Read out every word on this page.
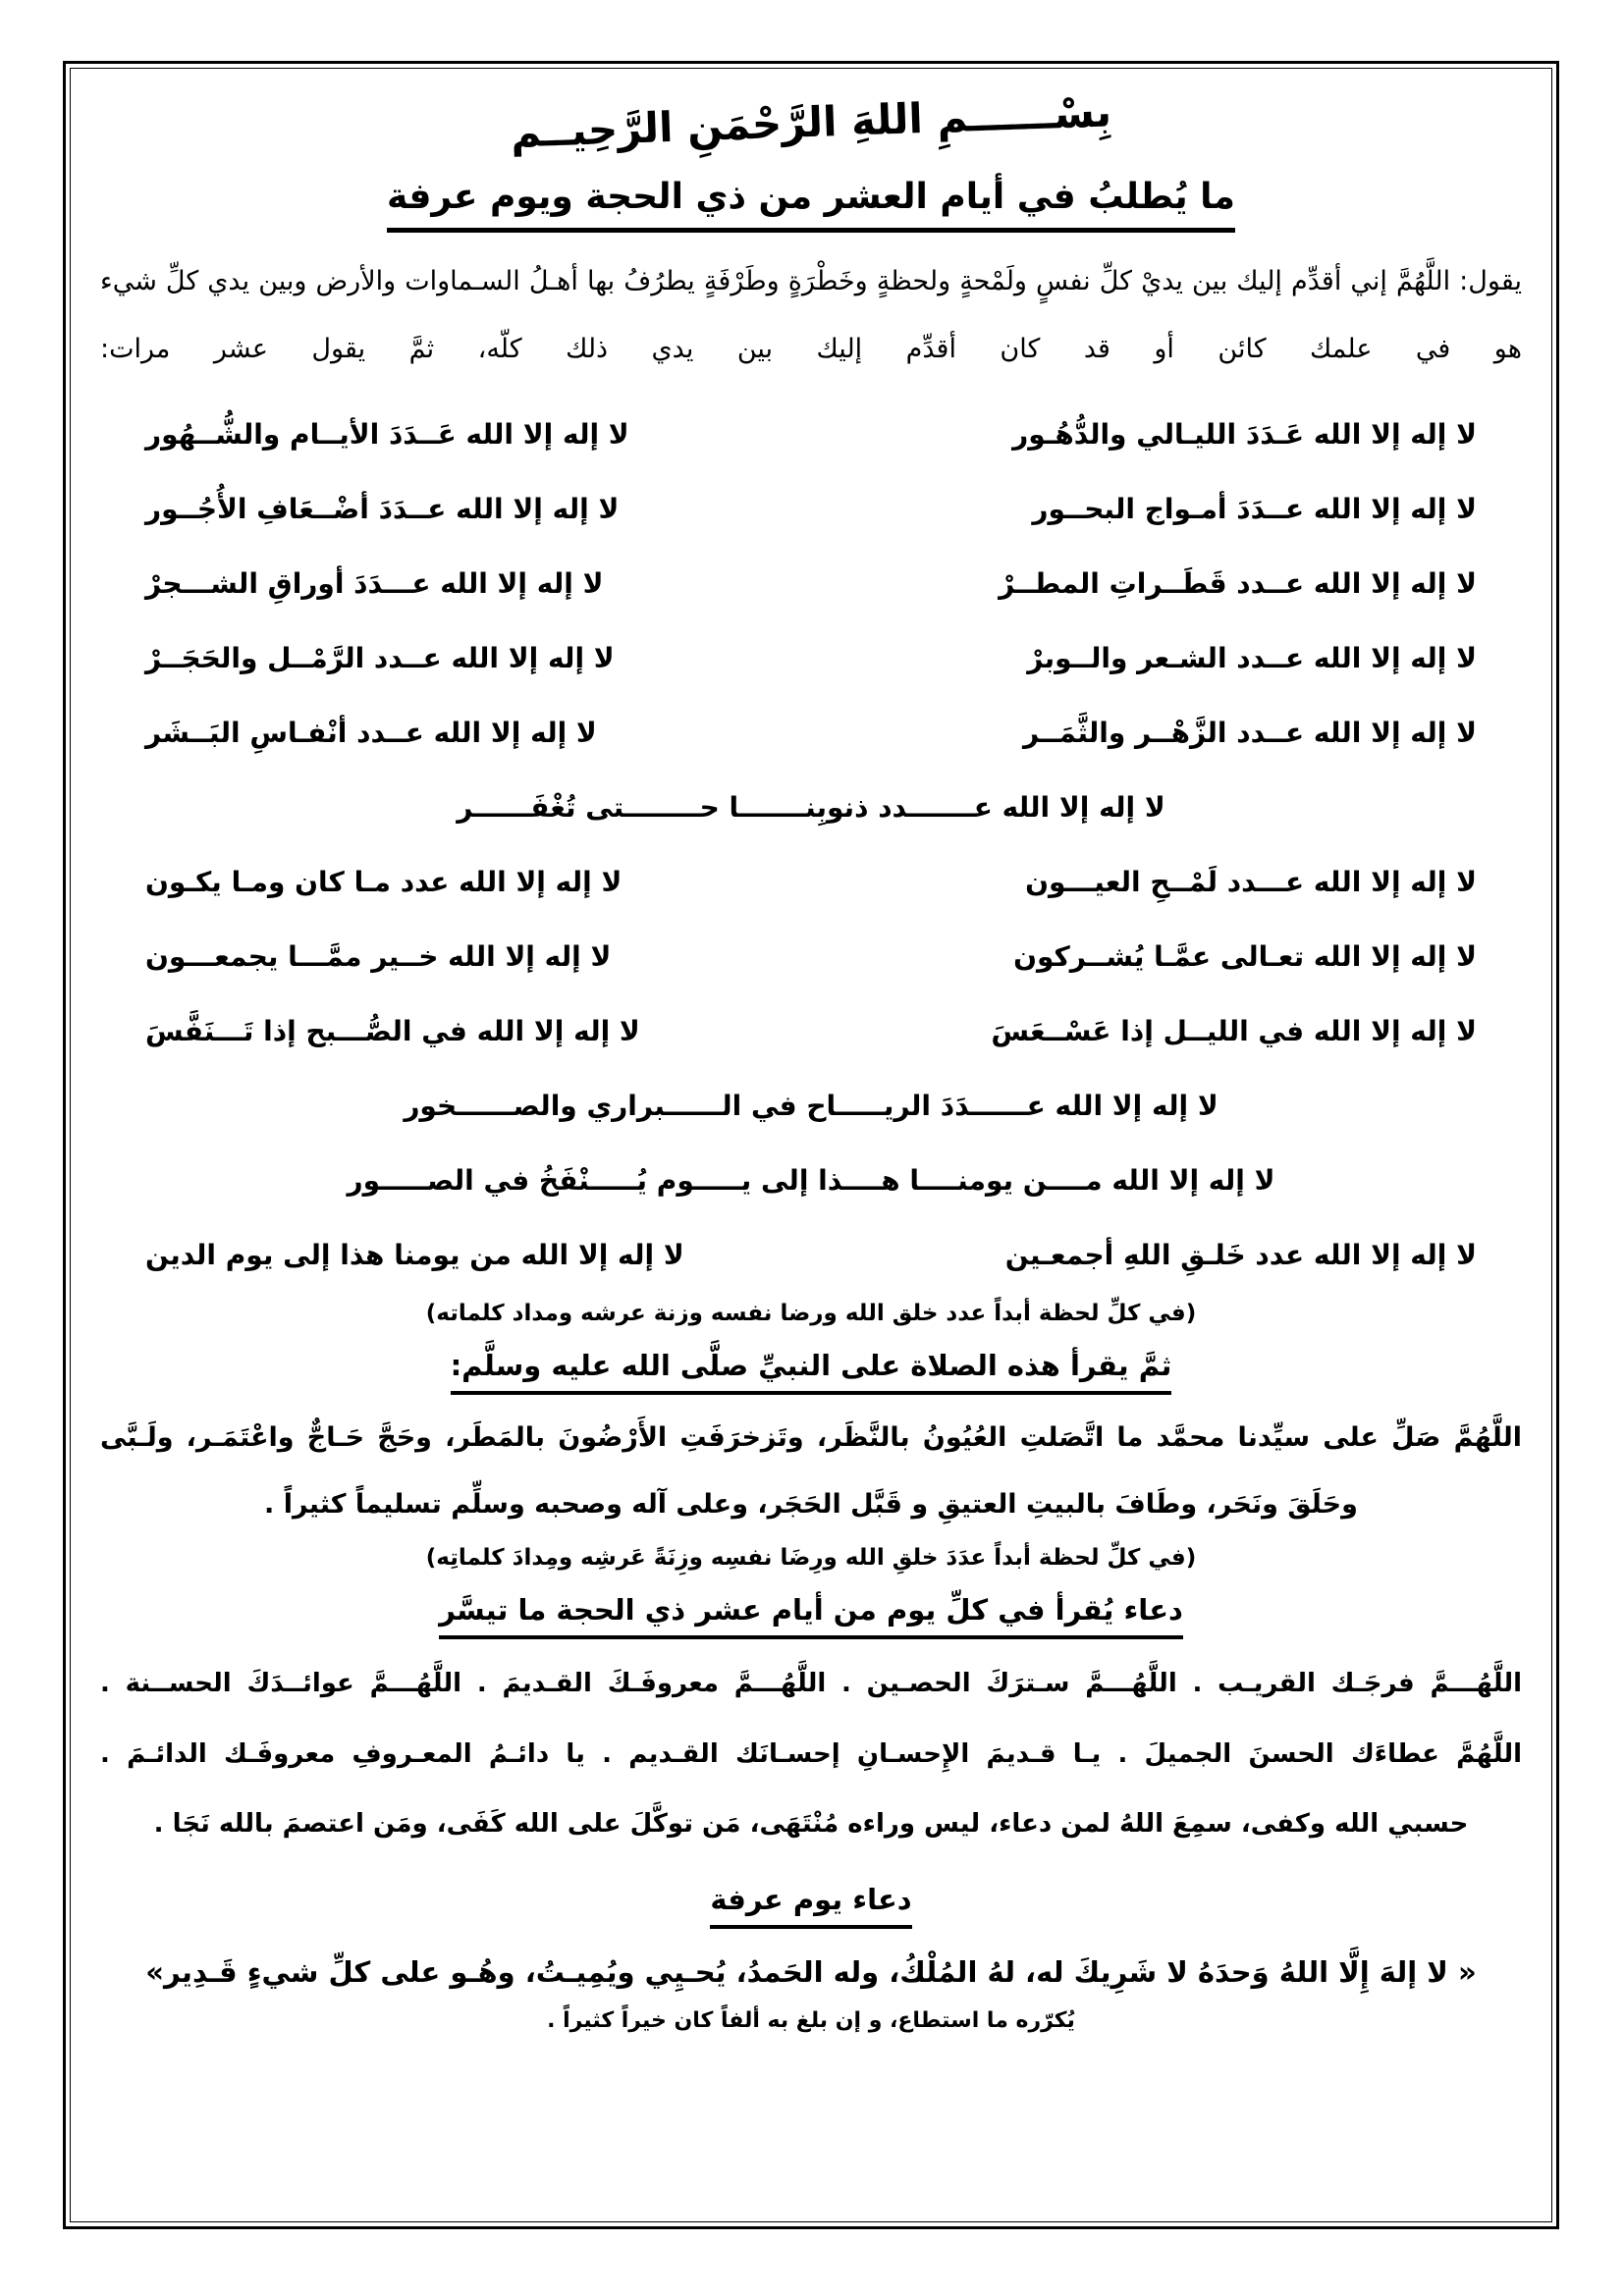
بِسْــــــمِ اللهَِ الرَّحْمَنِ الرَّحِيــم
ما يُطلبُ في أيام العشر من ذي الحجة ويوم عرفة
يقول: اللَّهُمَّ إني أقدِّم إليك بين يديْ كلِّ نفسٍ ولَمْحةٍ ولحظةٍ وخَطْرَةٍ وطَرْفَةٍ يطرُفُ بها أهـلُ السـماوات والأرض وبين يدي كلِّ شيء هو في علمك كائن أو قد كان أقدِّم إليك بين يدي ذلك كلّه، ثمَّ يقول عشر مرات:
لا إله إلا الله عَـدَدَ الليـالي والدُّهُـور
لا إله إلا الله عَــدَدَ الأيــام والشُّــهُور
لا إله إلا الله عــدَدَ أمـواج البحــور
لا إله إلا الله عــدَدَ أضْــعَافِ الأُجُــور
لا إله إلا الله عــدد قَطَــراتِ المطــرْ
لا إله إلا الله عـــدَدَ أوراقِ الشـــجرْ
لا إله إلا الله عــدد الشـعر والــوبرْ
لا إله إلا الله عــدد الرَّمْــل والحَجَــرْ
لا إله إلا الله عــدد الزَّهْــر والثَّمَــر
لا إله إلا الله عــدد أنْفـاسِ البَــشَر
لا إله إلا الله عـــــــدد ذنوبِنـــــــا حــــــــتى تُغْفَــــــر
لا إله إلا الله عـــدد لَمْــحِ العيـــون
لا إله إلا الله عدد مـا كان ومـا يكـون
لا إله إلا الله تعـالى عمَّـا يُشــركون
لا إله إلا الله خــير ممَّـــا يجمعـــون
لا إله إلا الله في الليــل إذا عَسْــعَسَ
لا إله إلا الله في الصُّـــبح إذا تَـــنَفَّسَ
لا إله إلا الله عــــــدَدَ الريـــــاح في الــــــبراري والصــــــخور
لا إله إلا الله مــــن يومنــــا هــــذا إلى يـــــوم يُـــــنْفَخُ في الصـــــور
لا إله إلا الله عدد خَلـقِ اللهِ أجمعـين
لا إله إلا الله من يومنا هذا إلى يوم الدين
(في كلِّ لحظة أبداً عدد خلق الله ورضا نفسه وزنة عرشه ومداد كلماته)
ثمَّ يقرأ هذه الصلاة على النبيِّ صلَّى الله عليه وسلَّم:
اللَّهُمَّ صَلِّ على سيِّدنا محمَّد ما اتَّصَلتِ العُيُونُ بالنَّظَر، وتَزخرَفَتِ الأَرْضُونَ بالمَطَر، وحَجَّ حَـاجٌّ واعْتَمَـر، ولَـبَّى وحَلَقَ ونَحَر، وطَافَ بالبيتِ العتيقِ و قَبَّل الحَجَر، وعلى آله وصحبه وسلِّم تسليماً كثيراً .
(في كلِّ لحظة أبداً عدَدَ خلقِ الله ورِضَا نفسِه وزِنَةً عَرشِه ومِدادَ كلماتِه)
دعاء يُقرأ في كلِّ يوم من أيام عشر ذي الحجة ما تيسَّر
اللَّهُـــمَّ فرجَـك القريـب . اللَّهُـــمَّ سـترَكَ الحصـين . اللَّهُـــمَّ معروفَـكَ القـديمَ . اللَّهُـــمَّ عوائــدَكَ الحســنة .
اللَّهُمَّ عطاءَك الحسنَ الجميلَ . يـا قـديمَ الإِحسـانِ إحسـانَك القـديم . يا دائـمُ المعـروفِ معروفَـك الدائـمَ .
حسبي الله وكفى، سمِعَ اللهُ لمن دعاء، ليس وراءه مُنْتَهَى، مَن توكَّلَ على الله كَفَى، ومَن اعتصمَ بالله نَجَا .
دعاء يوم عرفة
« لا إلهَ إِلَّا اللهُ وَحدَهُ لا شَرِيكَ له، لهُ المُلْكُ، وله الحَمدُ، يُحـيِي ويُمِيـتُ، وهُـو على كلِّ شيءٍ قَـدِير»
يُكرّره ما استطاع، و إن بلغ به ألفاً كان خيراً كثيراً .
